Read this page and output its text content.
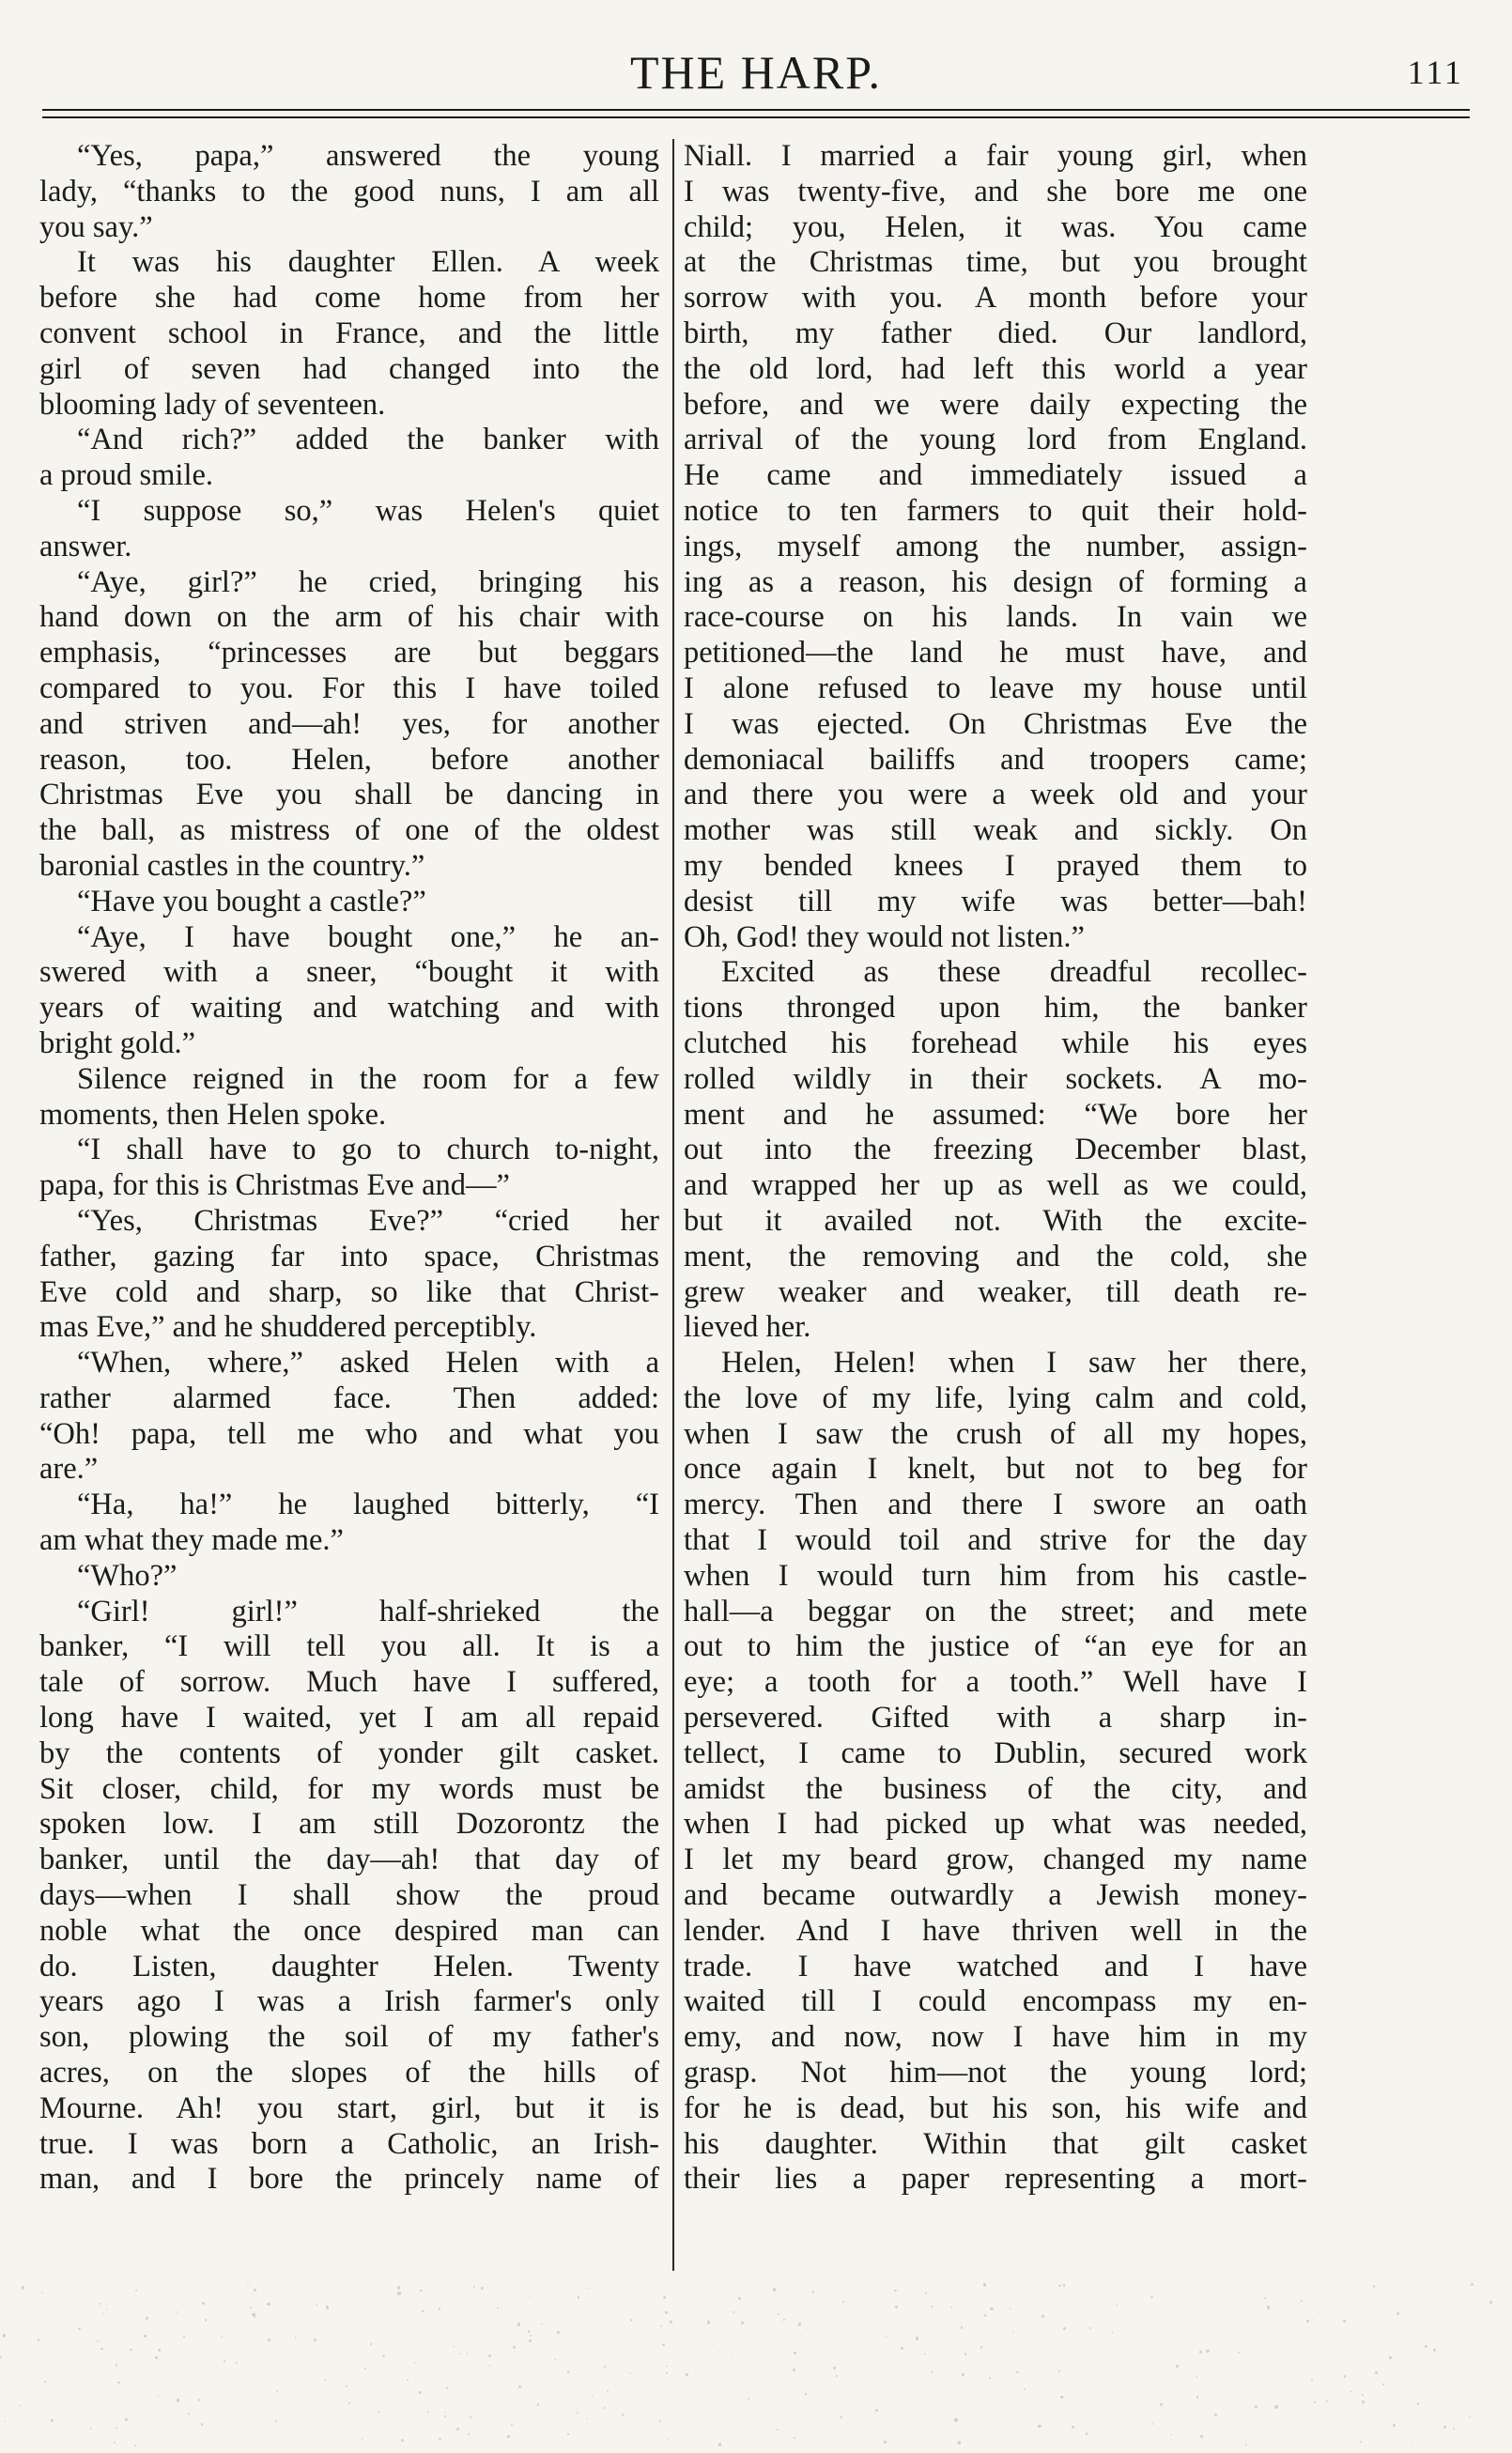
THE HARP.	111
“Yes, papa,” answered the young
lady, “thanks to the good nuns, I am all
you say.”
It was his daughter Ellen. A week
before she had come home from her
convent school in France, and the little
girl of seven had changed into the
blooming lady of seventeen.
“And rich?” added the banker with
a proud smile.
“I suppose so,” was Helen's quiet
answer.
“Aye, girl?” he cried, bringing his
hand down on the arm of his chair with
emphasis, “princesses are but beggars
compared to you. For this I have toiled
and striven and—ah! yes, for another
reason, too. Helen, before another
Christmas Eve you shall be dancing in
the ball, as mistress of one of the oldest
baronial castles in the country.”
“Have you bought a castle?”
“Aye, I have bought one,” he an-
swered with a sneer, “bought it with
years of waiting and watching and with
bright gold.”
Silence reigned in the room for a few
moments, then Helen spoke.
“I shall have to go to church to-night,
papa, for this is Christmas Eve and—”
“Yes, Christmas Eve?” “cried her
father, gazing far into space, Christmas
Eve cold and sharp, so like that Christ-
mas Eve,” and he shuddered perceptibly.
“When, where,” asked Helen with a
rather alarmed face. Then added:
“Oh! papa, tell me who and what you
are.”
“Ha, ha!” he laughed bitterly, “I
am what they made me.”
“Who?”
“Girl! girl!” half-shrieked the
banker, “I will tell you all. It is a
tale of sorrow. Much have I suffered,
long have I waited, yet I am all repaid
by the contents of yonder gilt casket.
Sit closer, child, for my words must be
spoken low. I am still Dozorontz the
banker, until the day—ah! that day of
days—when I shall show the proud
noble what the once despired man can
do. Listen, daughter Helen. Twenty
years ago I was a Irish farmer's only
son, plowing the soil of my father's
acres, on the slopes of the hills of
Mourne. Ah! you start, girl, but it is
true. I was born a Catholic, an Irish-
man, and I bore the princely name of
Niall. I married a fair young girl, when
I was twenty-five, and she bore me one
child; you, Helen, it was. You came
at the Christmas time, but you brought
sorrow with you. A month before your
birth, my father died. Our landlord,
the old lord, had left this world a year
before, and we were daily expecting the
arrival of the young lord from England.
He came and immediately issued a
notice to ten farmers to quit their hold-
ings, myself among the number, assign-
ing as a reason, his design of forming a
race-course on his lands. In vain we
petitioned—the land he must have, and
I alone refused to leave my house until
I was ejected. On Christmas Eve the
demoniacal bailiffs and troopers came;
and there you were a week old and your
mother was still weak and sickly. On
my bended knees I prayed them to
desist till my wife was better—bah!
Oh, God! they would not listen.”
Excited as these dreadful recollec-
tions thronged upon him, the banker
clutched his forehead while his eyes
rolled wildly in their sockets. A mo-
ment and he assumed: “We bore her
out into the freezing December blast,
and wrapped her up as well as we could,
but it availed not. With the excite-
ment, the removing and the cold, she
grew weaker and weaker, till death re-
lieved her.
Helen, Helen! when I saw her there,
the love of my life, lying calm and cold,
when I saw the crush of all my hopes,
once again I knelt, but not to beg for
mercy. Then and there I swore an oath
that I would toil and strive for the day
when I would turn him from his castle-
hall—a beggar on the street; and mete
out to him the justice of “an eye for an
eye; a tooth for a tooth.” Well have I
persevered. Gifted with a sharp in-
tellect, I came to Dublin, secured work
amidst the business of the city, and
when I had picked up what was needed,
I let my beard grow, changed my name
and became outwardly a Jewish money-
lender. And I have thriven well in the
trade. I have watched and I have
waited till I could encompass my en-
emy, and now, now I have him in my
grasp. Not him—not the young lord;
for he is dead, but his son, his wife and
his daughter. Within that gilt casket
their lies a paper representing a mort-
